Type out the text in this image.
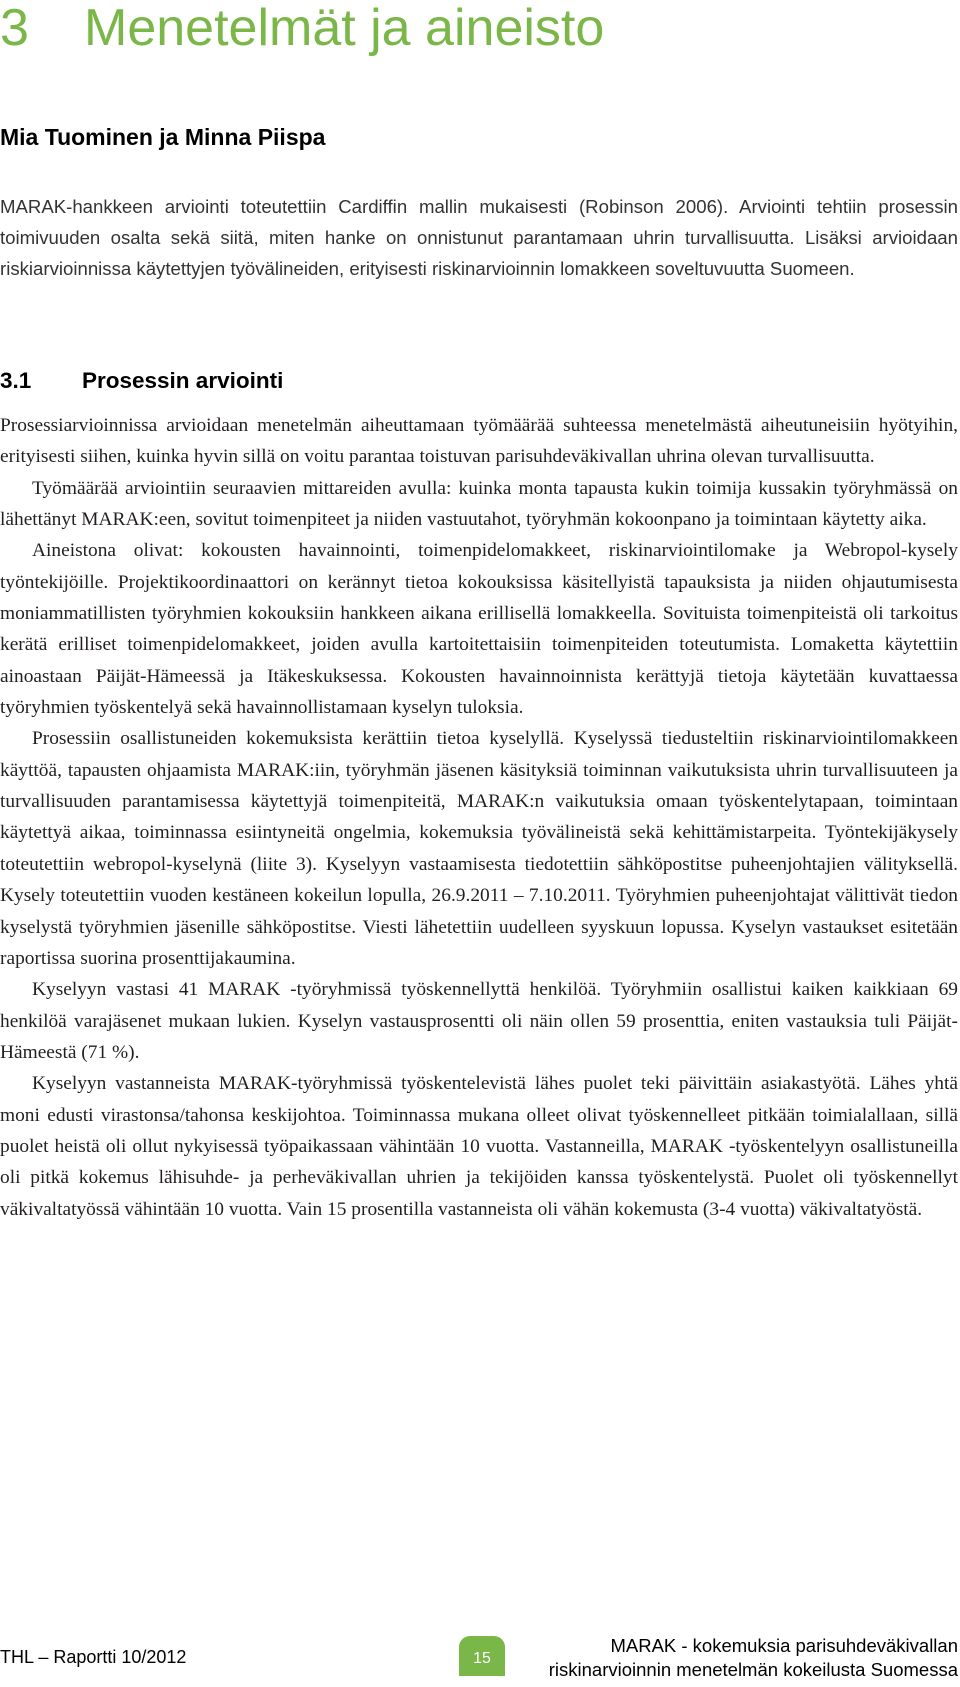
3 Menetelmät ja aineisto
Mia Tuominen ja Minna Piispa

MARAK-hankkeen arviointi toteutettiin Cardiffin mallin mukaisesti (Robinson 2006). Arviointi tehtiin prosessin toimivuuden osalta sekä siitä, miten hanke on onnistunut parantamaan uhrin turvallisuutta. Lisäksi arvioidaan riskiarvioinnissa käytettyjen työvälineiden, erityisesti riskinarvioinnin lomakkeen soveltuvuutta Suomeen.

3.1 Prosessin arviointi

Prosessiarvioinnissa arvioidaan menetelmän aiheuttamaan työmäärää suhteessa menetelmästä aiheutuneisiin hyötyihin, erityisesti siihen, kuinka hyvin sillä on voitu parantaa toistuvan parisuhdeväkivallan uhrina olevan turvallisuutta.

Työmäärää arviointiin seuraavien mittareiden avulla: kuinka monta tapausta kukin toimija kussakin työryhmässä on lähettänyt MARAK:een, sovitut toimenpiteet ja niiden vastuutahot, työryhmän kokoonpano ja toimintaan käytetty aika.

Aineistona olivat: kokousten havainnointi, toimenpidelomakkeet, riskinarviointilomake ja Webropol-kysely työntekijöille. Projektikoordinaattori on kerännyt tietoa kokouksissa käsitellyistä tapauksista ja niiden ohjautumisesta moniammatillisten työryhmien kokouksiin hankkeen aikana erillisellä lomakkeella. Sovituista toimenpiteistä oli tarkoitus kerätä erilliset toimenpidelomakkeet, joiden avulla kartoitettaisiin toimenpiteiden toteutumista. Lomaketta käytettiin ainoastaan Päijät-Hämeessä ja Itäkeskuksessa. Kokousten havainnoinnista kerättyjä tietoja käytetään kuvattaessa työryhmien työskentelyä sekä havainnollistamaan kyselyn tuloksia.

Prosessiin osallistuneiden kokemuksista kerättiin tietoa kyselyllä. Kyselyssä tiedusteltiin riskinarviointilomakkeen käyttöä, tapausten ohjaamista MARAK:iin, työryhmän jäsenen käsityksiä toiminnan vaikutuksista uhrin turvallisuuteen ja turvallisuuden parantamisessa käytettyjä toimenpiteitä, MARAK:n vaikutuksia omaan työskentelytapaan, toimintaan käytettyä aikaa, toiminnassa esiintyneitä ongelmia, kokemuksia työvälineistä sekä kehittämistarpeita. Työntekijäkysely toteutettiin webropol-kyselynä (liite 3). Kyselyyn vastaamisesta tiedotettiin sähköpostitse puheenjohtajien välityksellä. Kysely toteutettiin vuoden kestäneen kokeilun lopulla, 26.9.2011 – 7.10.2011. Työryhmien puheenjohtajat välittivät tiedon kyselystä työryhmien jäsenille sähköpostitse. Viesti lähetettiin uudelleen syyskuun lopussa. Kyselyn vastaukset esitetään raportissa suorina prosenttijakaumina.

Kyselyyn vastasi 41 MARAK -työryhmissä työskennellyttä henkilöä. Työryhmiin osallistui kaiken kaikkiaan 69 henkilöä varajäsenet mukaan lukien. Kyselyn vastausprosentti oli näin ollen 59 prosenttia, eniten vastauksia tuli Päijät-Hämeestä (71 %).

Kyselyyn vastanneista MARAK-työryhmissä työskentelevistä lähes puolet teki päivittäin asiakastyötä. Lähes yhtä moni edusti virastonsa/tahonsa keskijohtoa. Toiminnassa mukana olleet olivat työskennelleet pitkään toimialallaan, sillä puolet heistä oli ollut nykyisessä työpaikassaan vähintään 10 vuotta. Vastanneilla, MARAK -työskentelyyn osallistuneilla oli pitkä kokemus lähisuhde- ja perheväkivallan uhrien ja tekijöiden kanssa työskentelystä. Puolet oli työskennellyt väkivaltatyössä vähintään 10 vuotta. Vain 15 prosentilla vastanneista oli vähän kokemusta (3-4 vuotta) väkivaltatyöstä.

THL – Raportti 10/2012	15

MARAK - kokemuksia parisuhdeväkivallan
riskinarvioinnin menetelmän kokeilusta Suomessa
